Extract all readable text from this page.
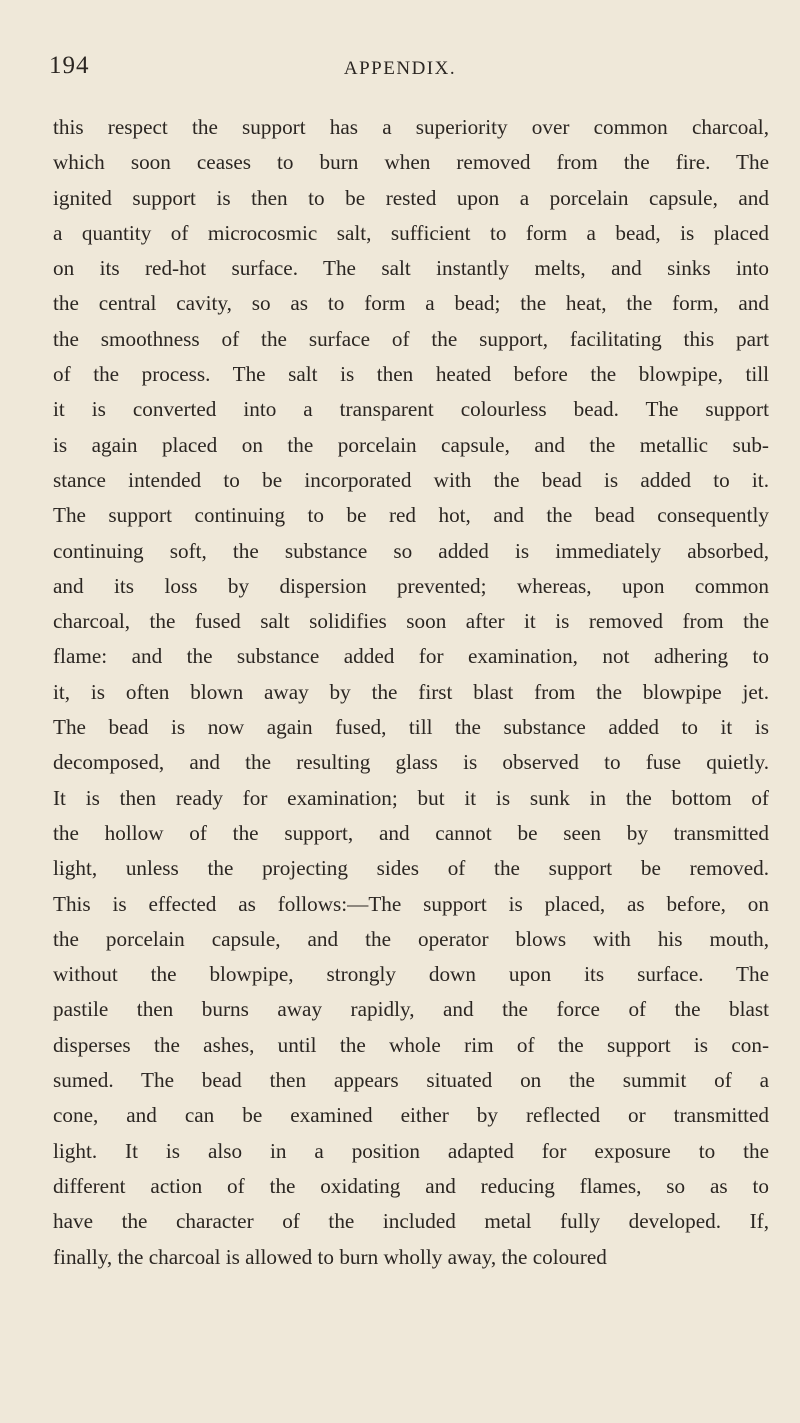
194	APPENDIX.
this respect the support has a superiority over common charcoal,
which soon ceases to burn when removed from the fire. The
ignited support is then to be rested upon a porcelain capsule, and
a quantity of microcosmic salt, sufficient to form a bead, is placed
on its red-hot surface. The salt instantly melts, and sinks into
the central cavity, so as to form a bead; the heat, the form, and
the smoothness of the surface of the support, facilitating this part
of the process. The salt is then heated before the blowpipe, till
it is converted into a transparent colourless bead. The support
is again placed on the porcelain capsule, and the metallic sub-
stance intended to be incorporated with the bead is added to it.
The support continuing to be red hot, and the bead consequently
continuing soft, the substance so added is immediately absorbed,
and its loss by dispersion prevented; whereas, upon common
charcoal, the fused salt solidifies soon after it is removed from the
flame: and the substance added for examination, not adhering to
it, is often blown away by the first blast from the blowpipe jet.
The bead is now again fused, till the substance added to it is
decomposed, and the resulting glass is observed to fuse quietly.
It is then ready for examination; but it is sunk in the bottom of
the hollow of the support, and cannot be seen by transmitted
light, unless the projecting sides of the support be removed.
This is effected as follows:—The support is placed, as before, on
the porcelain capsule, and the operator blows with his mouth,
without the blowpipe, strongly down upon its surface. The
pastile then burns away rapidly, and the force of the blast
disperses the ashes, until the whole rim of the support is con-
sumed. The bead then appears situated on the summit of a
cone, and can be examined either by reflected or transmitted
light. It is also in a position adapted for exposure to the
different action of the oxidating and reducing flames, so as to
have the character of the included metal fully developed. If,
finally, the charcoal is allowed to burn wholly away, the coloured
